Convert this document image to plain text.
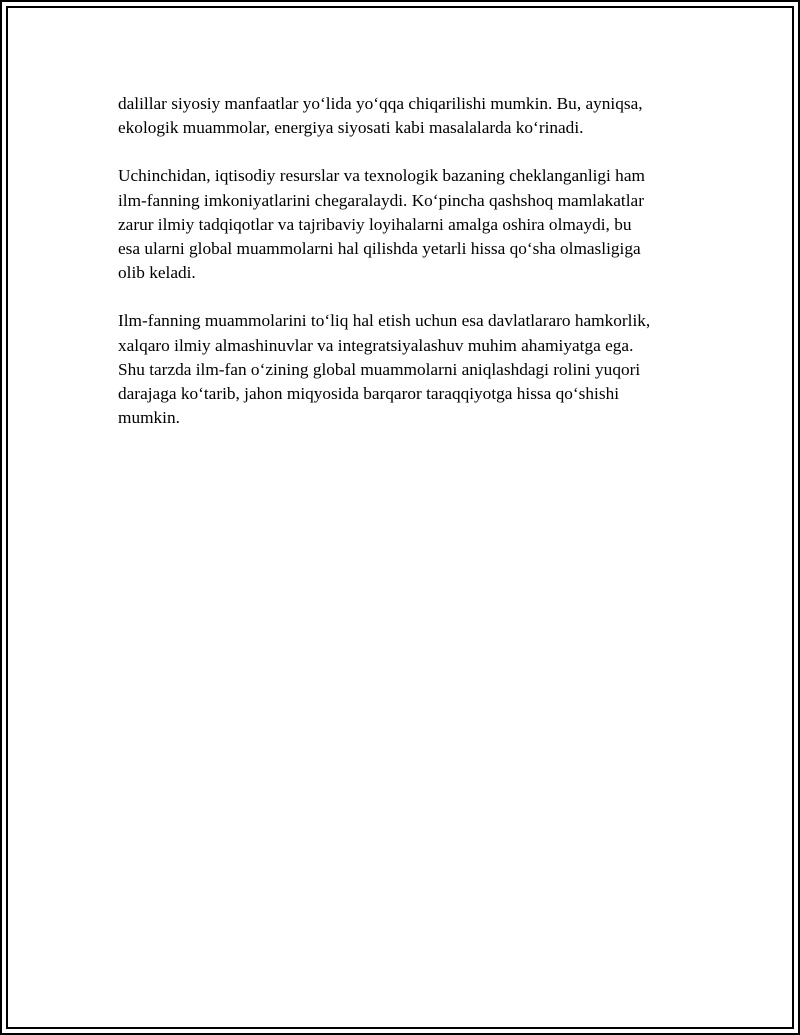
dalillar siyosiy manfaatlar yo‘lida yo‘qqa chiqarilishi mumkin. Bu, ayniqsa,
ekologik muammolar, energiya siyosati kabi masalalarda ko‘rinadi.

Uchinchidan, iqtisodiy resurslar va texnologik bazaning cheklanganligi ham
ilm-fanning imkoniyatlarini chegaralaydi. Ko‘pincha qashshoq mamlakatlar
zarur ilmiy tadqiqotlar va tajribaviy loyihalarni amalga oshira olmaydi, bu
esa ularni global muammolarni hal qilishda yetarli hissa qo‘sha olmasligiga
olib keladi.

Ilm-fanning muammolarini to‘liq hal etish uchun esa davlatlararo hamkorlik,
xalqaro ilmiy almashinuvlar va integratsiyalashuv muhim ahamiyatga ega.
Shu tarzda ilm-fan o‘zining global muammolarni aniqlashdagi rolini yuqori
darajaga ko‘tarib, jahon miqyosida barqaror taraqqiyotga hissa qo‘shishi
mumkin.
